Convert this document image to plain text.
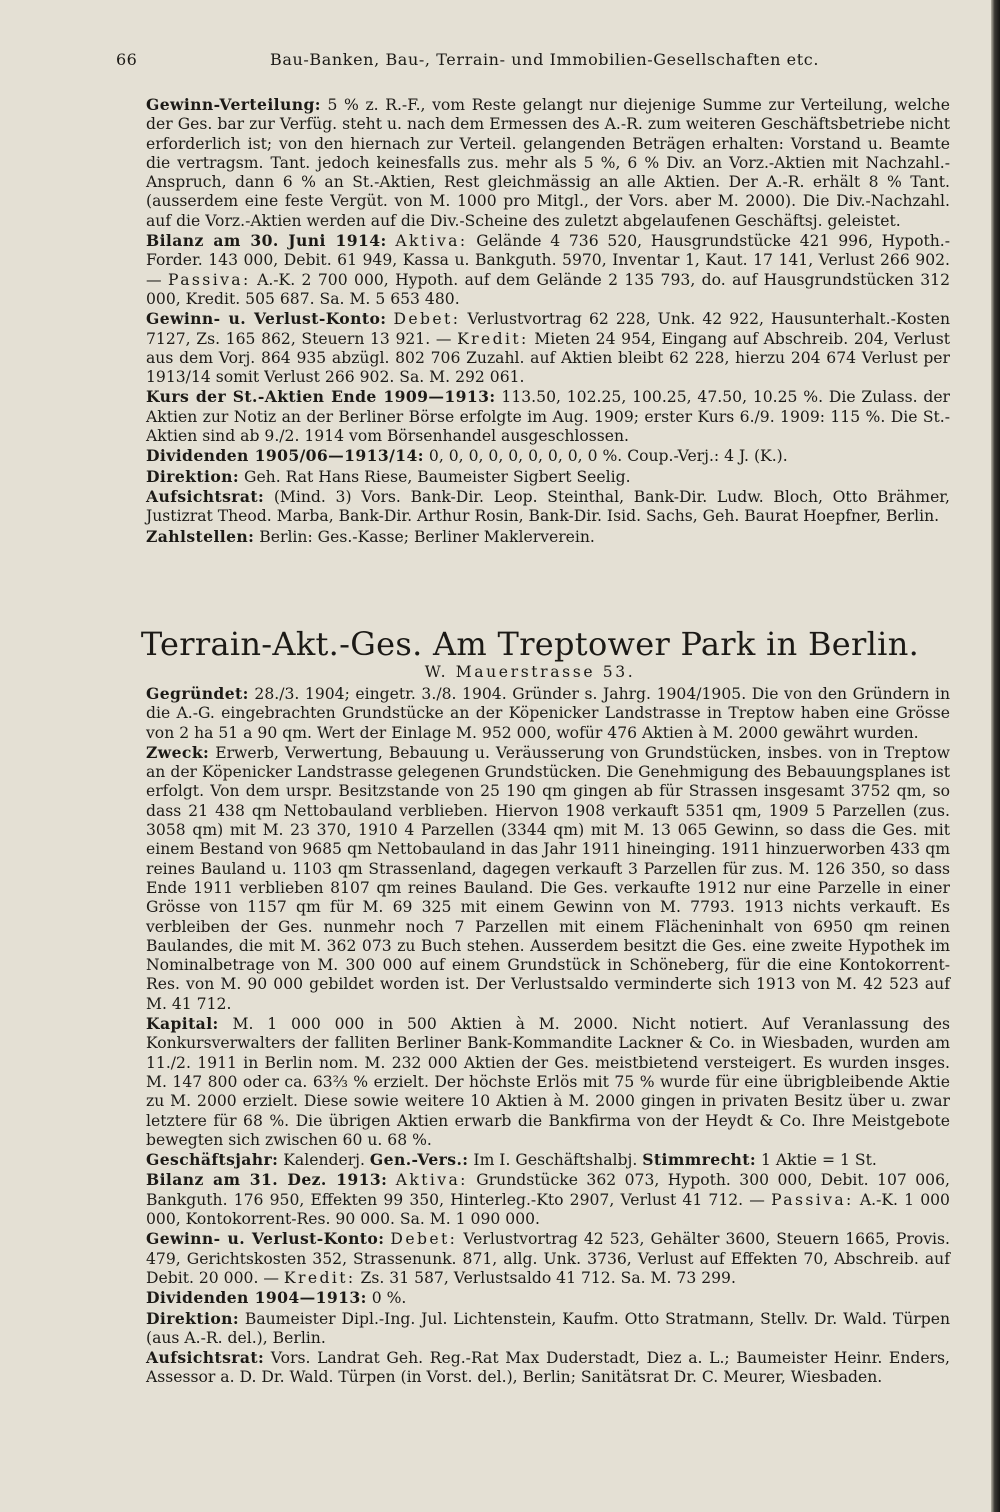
66	Bau-Banken, Bau-, Terrain- und Immobilien-Gesellschaften etc.

Gewinn-Verteilung: 5 % z. R.-F., vom Reste gelangt nur diejenige Summe zur Verteilung, welche der Ges. bar zur Verfüg. steht u. nach dem Ermessen des A.-R. zum weiteren Geschäftsbetriebe nicht erforderlich ist; von den hiernach zur Verteil. gelangenden Beträgen erhalten: Vorstand u. Beamte die vertragsm. Tant. jedoch keinesfalls zus. mehr als 5 %, 6 % Div. an Vorz.-Aktien mit Nachzahl.-Anspruch, dann 6 % an St.-Aktien, Rest gleichmässig an alle Aktien. Der A.-R. erhält 8 % Tant. (ausserdem eine feste Vergüt. von M. 1000 pro Mitgl., der Vors. aber M. 2000). Die Div.-Nachzahl. auf die Vorz.-Aktien werden auf die Div.-Scheine des zuletzt abgelaufenen Geschäftsj. geleistet.

Bilanz am 30. Juni 1914: Aktiva: Gelände 4 736 520, Hausgrundstücke 421 996, Hypoth.-Forder. 143 000, Debit. 61 949, Kassa u. Bankguth. 5970, Inventar 1, Kaut. 17 141, Verlust 266 902. — Passiva: A.-K. 2 700 000, Hypoth. auf dem Gelände 2 135 793, do. auf Hausgrundstücken 312 000, Kredit. 505 687. Sa. M. 5 653 480.

Gewinn- u. Verlust-Konto: Debet: Verlustvortrag 62 228, Unk. 42 922, Hausunterhalt.-Kosten 7127, Zs. 165 862, Steuern 13 921. — Kredit: Mieten 24 954, Eingang auf Abschreib. 204, Verlust aus dem Vorj. 864 935 abzügl. 802 706 Zuzahl. auf Aktien bleibt 62 228, hierzu 204 674 Verlust per 1913/14 somit Verlust 266 902. Sa. M. 292 061.

Kurs der St.-Aktien Ende 1909—1913: 113.50, 102.25, 100.25, 47.50, 10.25 %. Die Zulass. der Aktien zur Notiz an der Berliner Börse erfolgte im Aug. 1909; erster Kurs 6./9. 1909: 115 %. Die St.-Aktien sind ab 9./2. 1914 vom Börsenhandel ausgeschlossen.

Dividenden 1905/06—1913/14: 0, 0, 0, 0, 0, 0, 0, 0, 0 %. Coup.-Verj.: 4 J. (K.).

Direktion: Geh. Rat Hans Riese, Baumeister Sigbert Seelig.

Aufsichtsrat: (Mind. 3) Vors. Bank-Dir. Leop. Steinthal, Bank-Dir. Ludw. Bloch, Otto Brähmer, Justizrat Theod. Marba, Bank-Dir. Arthur Rosin, Bank-Dir. Isid. Sachs, Geh. Baurat Hoepfner, Berlin.

Zahlstellen: Berlin: Ges.-Kasse; Berliner Maklerverein.

Terrain-Akt.-Ges. Am Treptower Park in Berlin.
W. Mauerstrasse 53.

Gegründet: 28./3. 1904; eingetr. 3./8. 1904. Gründer s. Jahrg. 1904/1905. Die von den Gründern in die A.-G. eingebrachten Grundstücke an der Köpenicker Landstrasse in Treptow haben eine Grösse von 2 ha 51 a 90 qm. Wert der Einlage M. 952 000, wofür 476 Aktien à M. 2000 gewährt wurden.

Zweck: Erwerb, Verwertung, Bebauung u. Veräusserung von Grundstücken, insbes. von in Treptow an der Köpenicker Landstrasse gelegenen Grundstücken. Die Genehmigung des Bebauungsplanes ist erfolgt. Von dem urspr. Besitzstande von 25 190 qm gingen ab für Strassen insgesamt 3752 qm, so dass 21 438 qm Nettobauland verblieben. Hiervon 1908 verkauft 5351 qm, 1909 5 Parzellen (zus. 3058 qm) mit M. 23 370, 1910 4 Parzellen (3344 qm) mit M. 13 065 Gewinn, so dass die Ges. mit einem Bestand von 9685 qm Nettobauland in das Jahr 1911 hineinging. 1911 hinzuerworben 433 qm reines Bauland u. 1103 qm Strassenland, dagegen verkauft 3 Parzellen für zus. M. 126 350, so dass Ende 1911 verblieben 8107 qm reines Bauland. Die Ges. verkaufte 1912 nur eine Parzelle in einer Grösse von 1157 qm für M. 69 325 mit einem Gewinn von M. 7793. 1913 nichts verkauft. Es verbleiben der Ges. nunmehr noch 7 Parzellen mit einem Flächeninhalt von 6950 qm reinen Baulandes, die mit M. 362 073 zu Buch stehen. Ausserdem besitzt die Ges. eine zweite Hypothek im Nominalbetrage von M. 300 000 auf einem Grundstück in Schöneberg, für die eine Kontokorrent-Res. von M. 90 000 gebildet worden ist. Der Verlustsaldo verminderte sich 1913 von M. 42 523 auf M. 41 712.

Kapital: M. 1 000 000 in 500 Aktien à M. 2000. Nicht notiert. Auf Veranlassung des Konkursverwalters der falliten Berliner Bank-Kommandite Lackner & Co. in Wiesbaden, wurden am 11./2. 1911 in Berlin nom. M. 232 000 Aktien der Ges. meistbietend versteigert. Es wurden insges. M. 147 800 oder ca. 63⅔ % erzielt. Der höchste Erlös mit 75 % wurde für eine übrigbleibende Aktie zu M. 2000 erzielt. Diese sowie weitere 10 Aktien à M. 2000 gingen in privaten Besitz über u. zwar letztere für 68 %. Die übrigen Aktien erwarb die Bankfirma von der Heydt & Co. Ihre Meistgebote bewegten sich zwischen 60 u. 68 %.

Geschäftsjahr: Kalenderj. Gen.-Vers.: Im I. Geschäftshalbj. Stimmrecht: 1 Aktie = 1 St.

Bilanz am 31. Dez. 1913: Aktiva: Grundstücke 362 073, Hypoth. 300 000, Debit. 107 006, Bankguth. 176 950, Effekten 99 350, Hinterleg.-Kto 2907, Verlust 41 712. — Passiva: A.-K. 1 000 000, Kontokorrent-Res. 90 000. Sa. M. 1 090 000.

Gewinn- u. Verlust-Konto: Debet: Verlustvortrag 42 523, Gehälter 3600, Steuern 1665, Provis. 479, Gerichtskosten 352, Strassenunk. 871, allg. Unk. 3736, Verlust auf Effekten 70, Abschreib. auf Debit. 20 000. — Kredit: Zs. 31 587, Verlustsaldo 41 712. Sa. M. 73 299.

Dividenden 1904—1913: 0 %.

Direktion: Baumeister Dipl.-Ing. Jul. Lichtenstein, Kaufm. Otto Stratmann, Stellv. Dr. Wald. Türpen (aus A.-R. del.), Berlin.

Aufsichtsrat: Vors. Landrat Geh. Reg.-Rat Max Duderstadt, Diez a. L.; Baumeister Heinr. Enders, Assessor a. D. Dr. Wald. Türpen (in Vorst. del.), Berlin; Sanitätsrat Dr. C. Meurer, Wiesbaden.
